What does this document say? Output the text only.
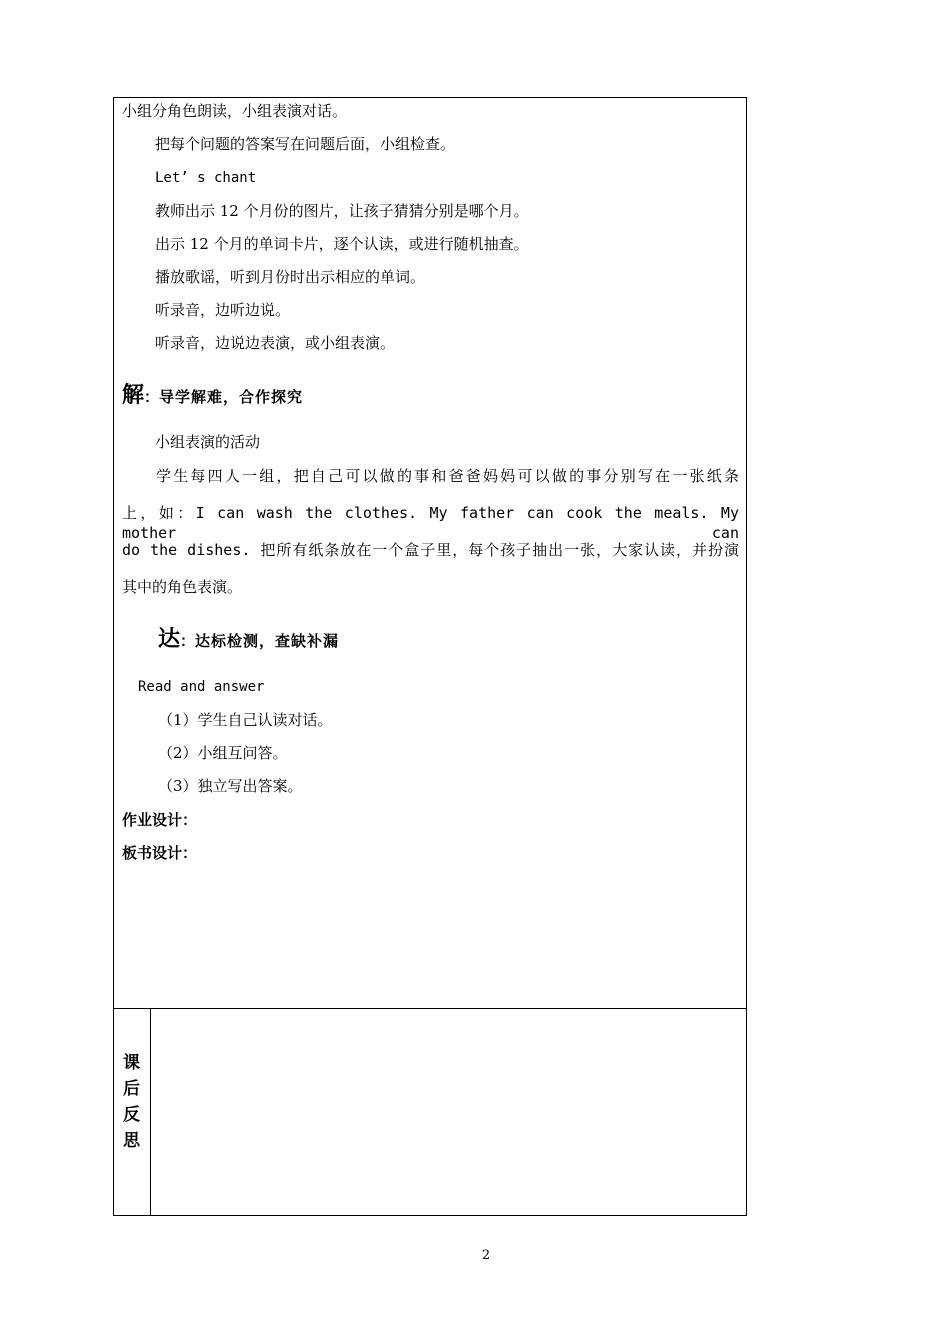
小组分角色朗读，小组表演对话。
把每个问题的答案写在问题后面，小组检查。
Let’ s chant
教师出示 12 个月份的图片，让孩子猜猜分别是哪个月。
出示 12 个月的单词卡片，逐个认读，或进行随机抽查。
播放歌谣，听到月份时出示相应的单词。
听录音，边听边说。
听录音，边说边表演，或小组表演。
解：导学解难，合作探究
小组表演的活动
学生每四人一组，把自己可以做的事和爸爸妈妈可以做的事分别写在一张纸条
上，如：I can wash the clothes. My father can cook the meals. My mother can
do the dishes. 把所有纸条放在一个盒子里，每个孩子抽出一张，大家认读，并扮演
其中的角色表演。
达：达标检测，查缺补漏
Read and answer
（1）学生自己认读对话。
（2）小组互问答。
（3）独立写出答案。
作业设计：
板书设计：
课
后
反
思
2
